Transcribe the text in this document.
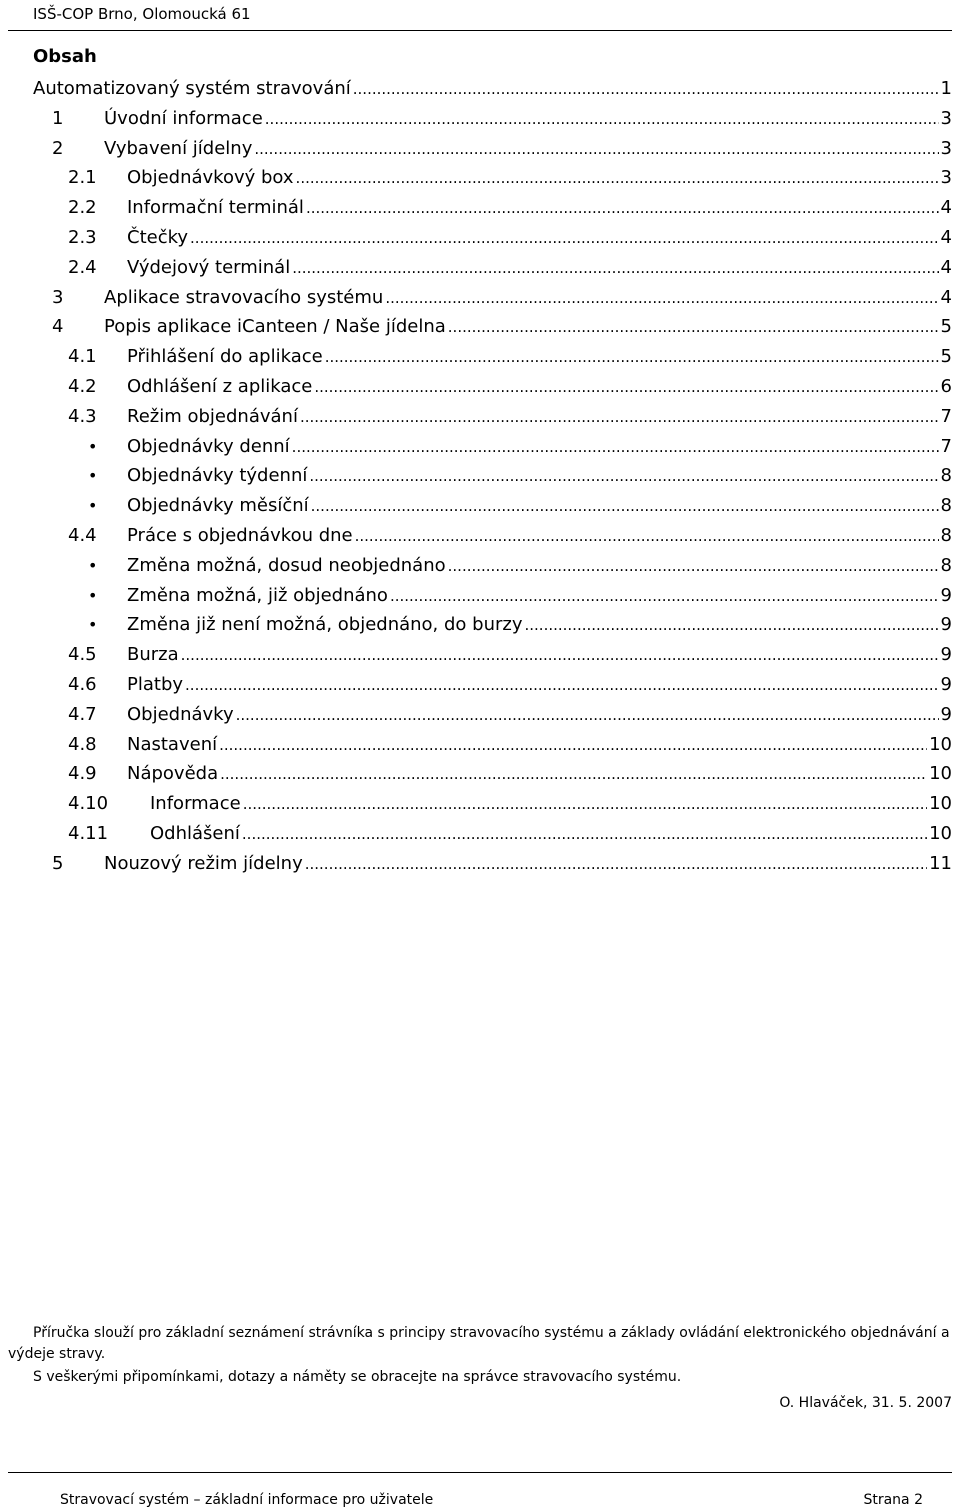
ISŠ-COP Brno, Olomoucká 61
Obsah
Automatizovaný systém stravování .....	1
1 Úvodní informace .....	3
2 Vybavení jídelny .....	3
2.1 Objednávkový box .....	3
2.2 Informační terminál .....	4
2.3 Čtečky .....	4
2.4 Výdejový terminál .....	4
3 Aplikace stravovacího systému .....	4
4 Popis aplikace iCanteen / Naše jídelna .....	5
4.1 Přihlášení do aplikace .....	5
4.2 Odhlášení z aplikace .....	6
4.3 Režim objednávání .....	7
• Objednávky denní .....	7
• Objednávky týdenní .....	8
• Objednávky měsíční .....	8
4.4 Práce s objednávkou dne .....	8
• Změna možná, dosud neobjednáno .....	8
• Změna možná, již objednáno .....	9
• Změna již není možná, objednáno, do burzy .....	9
4.5 Burza .....	9
4.6 Platby .....	9
4.7 Objednávky .....	9
4.8 Nastavení .....	10
4.9 Nápověda .....	10
4.10 Informace .....	10
4.11 Odhlášení .....	10
5 Nouzový režim jídelny .....	11

Příručka slouží pro základní seznámení strávníka s principy stravovacího systému a základy ovládání elektronického objednávání a výdeje stravy.

S veškerými připomínkami, dotazy a náměty se obracejte na správce stravovacího systému.

O. Hlaváček, 31. 5. 2007
Stravovací systém – základní informace pro uživatele	Strana 2
